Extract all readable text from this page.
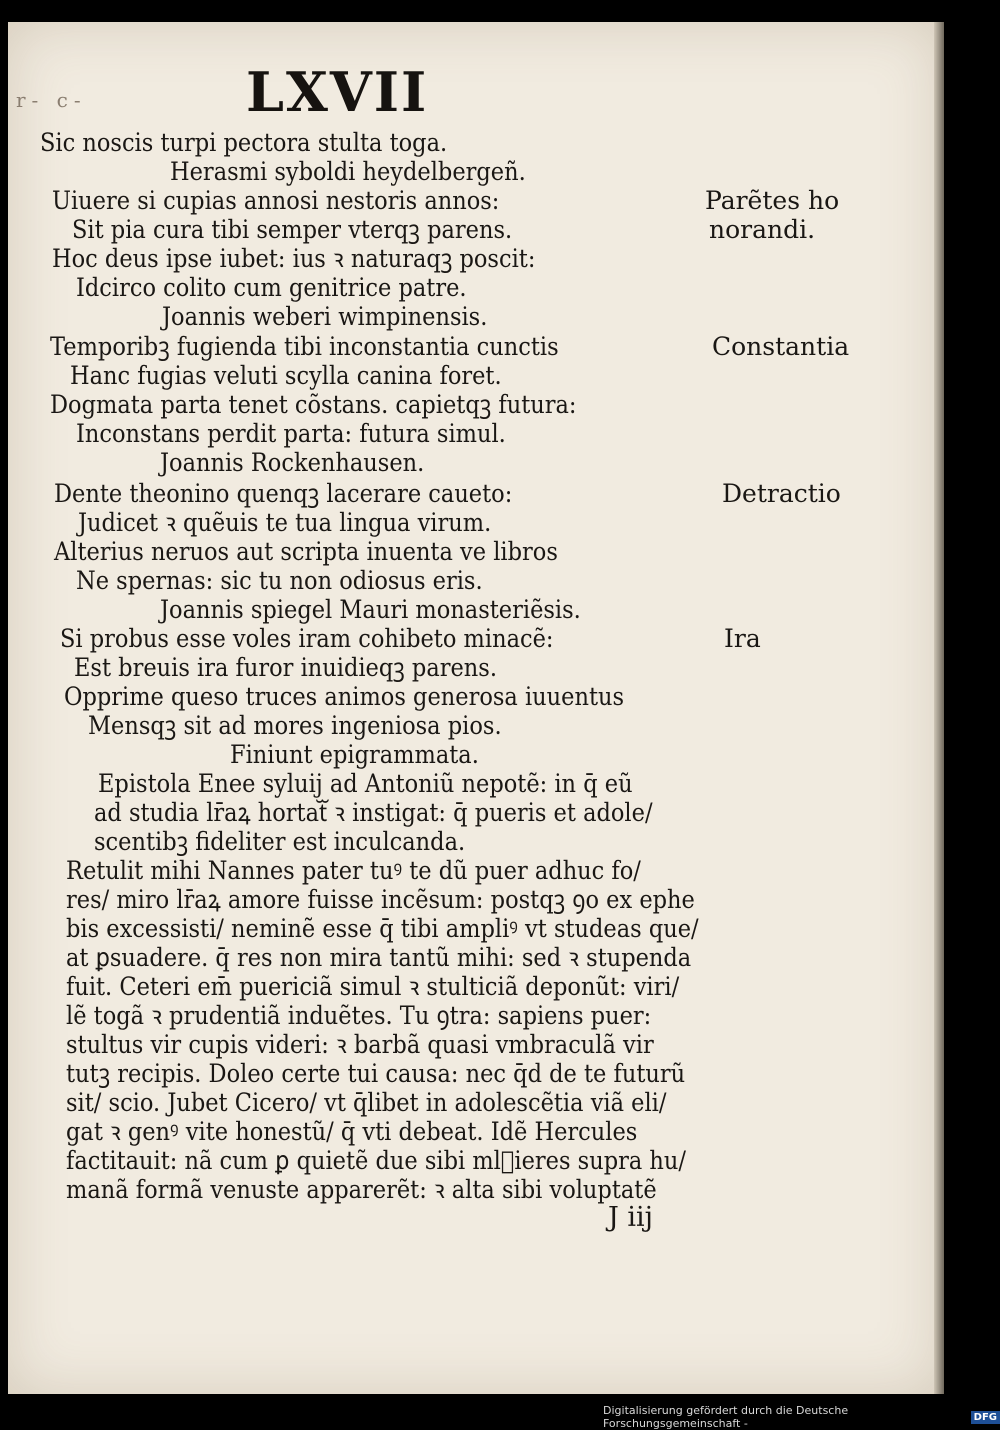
r- c-	LXVII
Sic noscis turpi pectora stulta toga.
Herasmi syboldi heydelbergeñ.
Uiuere si cupias annosi nestoris annos:
Sit pia cura tibi semper vterqꝫ parens.
Hoc deus ipse iubet: ius ꝛ naturaqꝫ poscit:
Idcirco colito cum genitrice patre.
Joannis weberi wimpinensis.
Temporibꝫ fugienda tibi inconstantia cunctis
Hanc fugias veluti scylla canina foret.
Dogmata parta tenet cõstans. capietqꝫ futura:
Inconstans perdit parta: futura simul.
Joannis Rockenhausen.
Dente theonino quenqꝫ lacerare caueto:
Judicet ꝛ quẽuis te tua lingua virum.
Alterius neruos aut scripta inuenta ve libros
Ne spernas: sic tu non odiosus eris.
Joannis spiegel Mauri monasteriẽsis.
Si probus esse voles iram cohibeto minacẽ:
Est breuis ira furor inuidieqꝫ parens.
Opprime queso truces animos generosa iuuentus
Mensqꝫ sit ad mores ingeniosa pios.
Finiunt epigrammata.
Epistola Enee syluij ad Antoniũ nepotẽ: in q̄ eũ
ad studia lr̄aꝝ hortatᷓ ꝛ instigat: q̄ pueris et adole/
scentibꝫ fideliter est inculcanda.
Retulit mihi Nannes pater tuꝰ te dũ puer adhuc fo/
res/ miro lr̄aꝝ amore fuisse incẽsum: postqꝫ ꝯo ex ephe
bis excessisti/ neminẽ esse q̄ tibi ampliꝰ vt studeas que/
at ꝑsuadere. q̄ res non mira tantũ mihi: sed ꝛ stupenda
fuit. Ceteri em̄ puericiã simul ꝛ stulticiã deponũt: viri/
lẽ togã ꝛ prudentiã induẽtes. Tu ꝯtra: sapiens puer:
stultus vir cupis videri: ꝛ barbã quasi vmbraculã vir
tutꝫ recipis. Doleo certe tui causa: nec q̄d de te futurũ
sit/ scio. Jubet Cicero/ vt q̄libet in adolescẽtia viã eli/
gat ꝛ genꝰ vite honestũ/ q̄ vti debeat. Idẽ Hercules
factitauit: nã cum ꝑ quietẽ due sibi mlᷓieres supra hu/
manã formã venuste apparerẽt: ꝛ alta sibi voluptatẽ
Parẽtes ho
norandi.
Constantia
Detractio
Ira
J iij
Digitalisierung gefördert durch die Deutsche Forschungsgemeinschaft -	DFG
